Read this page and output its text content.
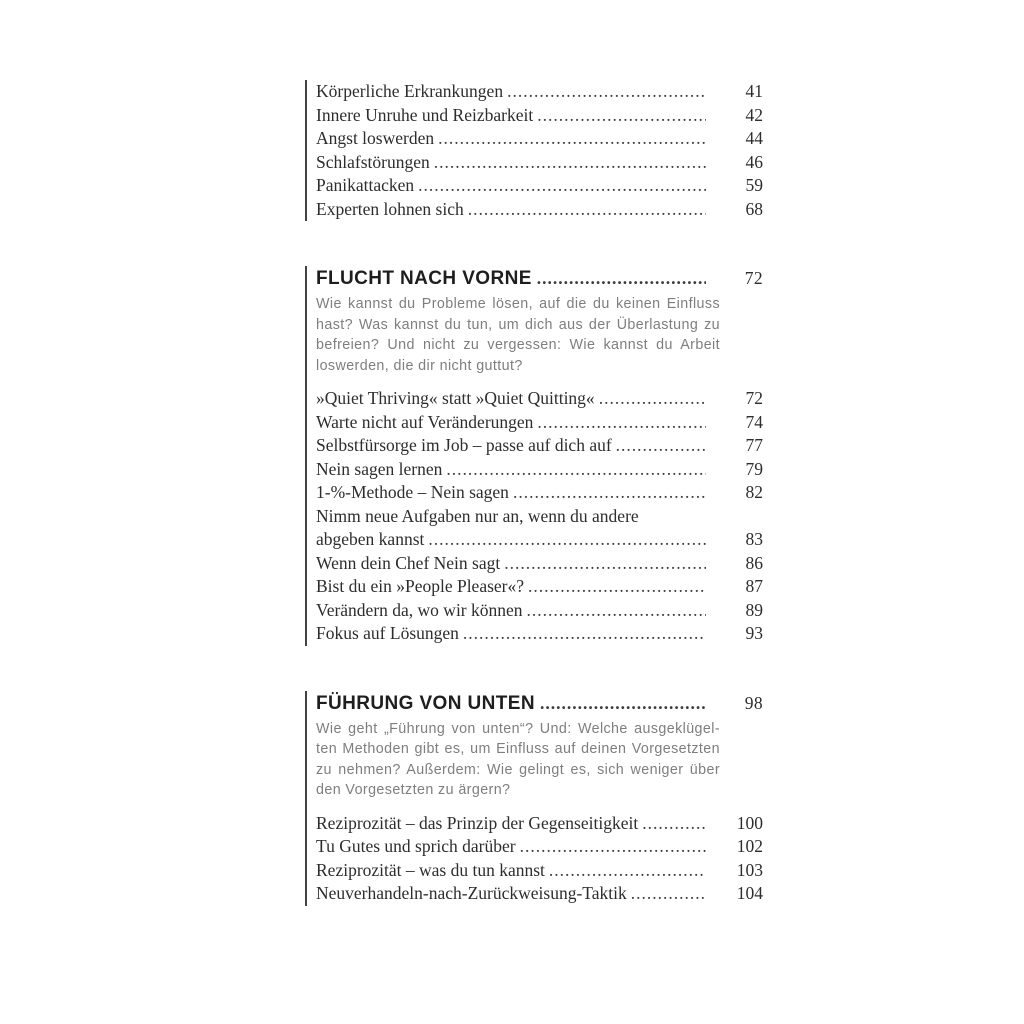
Körperliche Erkrankungen .....	41
Innere Unruhe und Reizbarkeit .....	42
Angst loswerden .....	44
Schlafstörungen .....	46
Panikattacken .....	59
Experten lohnen sich .....	68
FLUCHT NACH VORNE .....	72
Wie kannst du Probleme lösen, auf die du keinen Einfluss
hast? Was kannst du tun, um dich aus der Überlastung zu
befreien? Und nicht zu vergessen: Wie kannst du Arbeit
loswerden, die dir nicht guttut?
»Quiet Thriving« statt »Quiet Quitting« .....	72
Warte nicht auf Veränderungen .....	74
Selbstfürsorge im Job – passe auf dich auf .....	77
Nein sagen lernen .....	79
1-%-Methode – Nein sagen .....	82
Nimm neue Aufgaben nur an, wenn du andere
abgeben kannst .....	83
Wenn dein Chef Nein sagt .....	86
Bist du ein »People Pleaser«? .....	87
Verändern da, wo wir können .....	89
Fokus auf Lösungen .....	93
FÜHRUNG VON UNTEN .....	98
Wie geht „Führung von unten“? Und: Welche ausgeklügel-
ten Methoden gibt es, um Einfluss auf deinen Vorgesetzten
zu nehmen? Außerdem: Wie gelingt es, sich weniger über
den Vorgesetzten zu ärgern?
Reziprozität – das Prinzip der Gegenseitigkeit .....	100
Tu Gutes und sprich darüber .....	102
Reziprozität – was du tun kannst .....	103
Neuverhandeln-nach-Zurückweisung-Taktik .....	104
